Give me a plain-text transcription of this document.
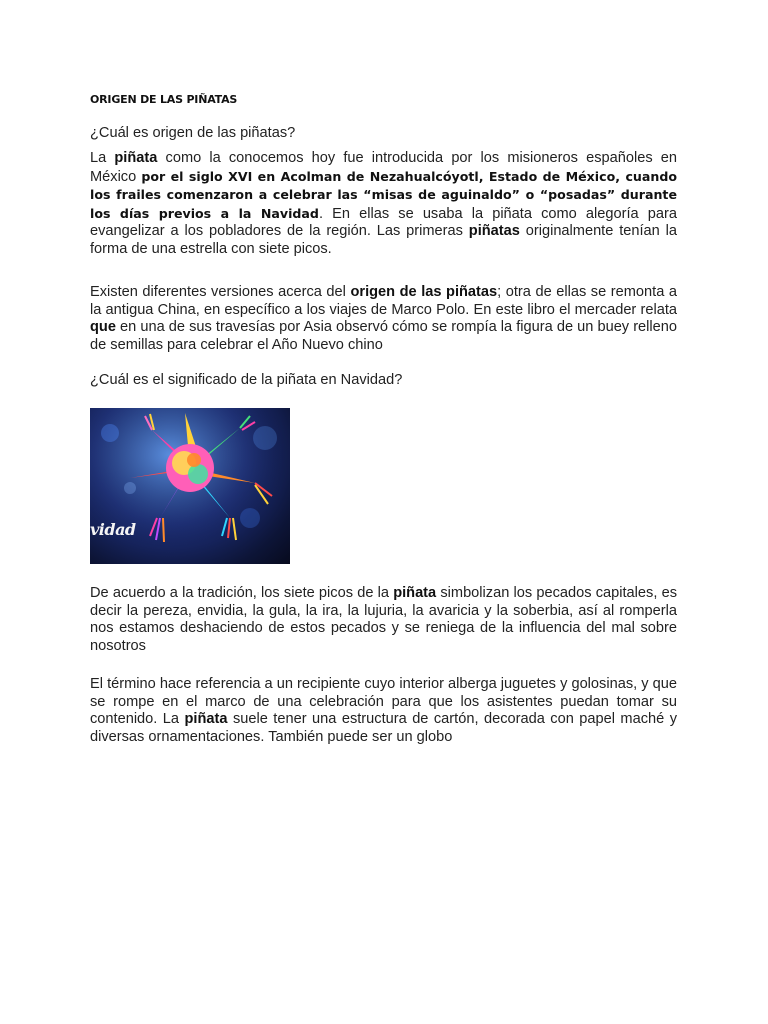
ORIGEN DE LAS PIÑATAS
¿Cuál es origen de las piñatas?
La piñata como la conocemos hoy fue introducida por los misioneros españoles en México por el siglo XVI en Acolman de Nezahualcóyotl, Estado de México, cuando los frailes comenzaron a celebrar las “misas de aguinaldo” o “posadas” durante los días previos a la Navidad. En ellas se usaba la piñata como alegoría para evangelizar a los pobladores de la región. Las primeras piñatas originalmente tenían la forma de una estrella con siete picos.
Existen diferentes versiones acerca del origen de las piñatas; otra de ellas se remonta a la antigua China, en específico a los viajes de Marco Polo. En este libro el mercader relata que en una de sus travesías por Asia observó cómo se rompía la figura de un buey relleno de semillas para celebrar el Año Nuevo chino
¿Cuál es el significado de la piñata en Navidad?
vidad
De acuerdo a la tradición, los siete picos de la piñata simbolizan los pecados capitales, es decir la pereza, envidia, la gula, la ira, la lujuria, la avaricia y la soberbia, así al romperla nos estamos deshaciendo de estos pecados y se reniega de la influencia del mal sobre nosotros
El término hace referencia a un recipiente cuyo interior alberga juguetes y golosinas, y que se rompe en el marco de una celebración para que los asistentes puedan tomar su contenido. La piñata suele tener una estructura de cartón, decorada con papel maché y diversas ornamentaciones. También puede ser un globo
